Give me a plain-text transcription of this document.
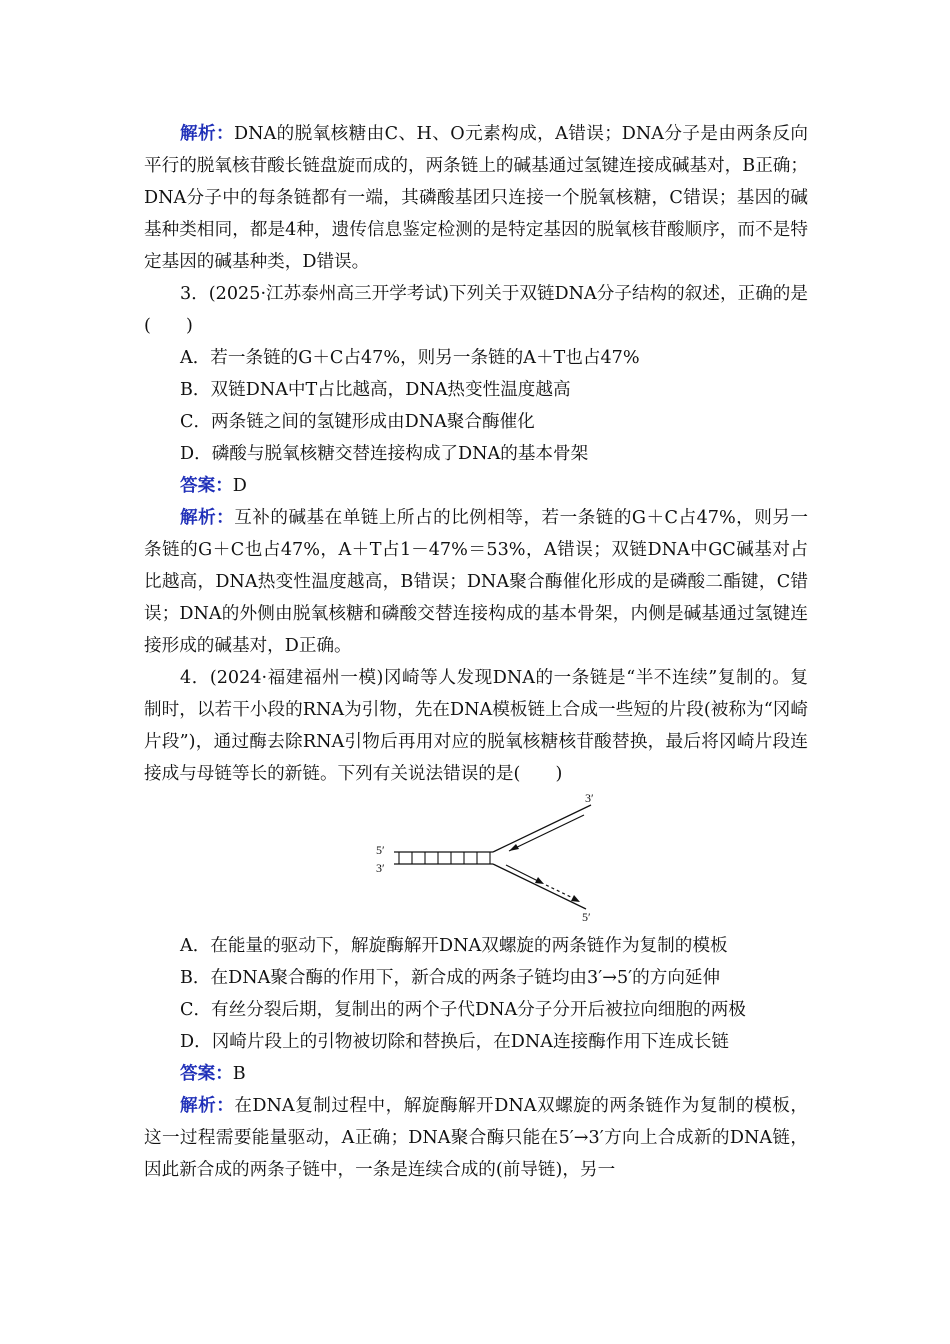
解析：DNA的脱氧核糖由C、H、O元素构成，A错误；DNA分子是由两条反向平行的脱氧核苷酸长链盘旋而成的，两条链上的碱基通过氢键连接成碱基对，B正确；DNA分子中的每条链都有一端，其磷酸基团只连接一个脱氧核糖，C错误；基因的碱基种类相同，都是4种，遗传信息鉴定检测的是特定基因的脱氧核苷酸顺序，而不是特定基因的碱基种类，D错误。

3．(2025·江苏泰州高三开学考试)下列关于双链DNA分子结构的叙述，正确的是(　　)

A．若一条链的G＋C占47%，则另一条链的A＋T也占47%

B．双链DNA中T占比越高，DNA热变性温度越高

C．两条链之间的氢键形成由DNA聚合酶催化

D．磷酸与脱氧核糖交替连接构成了DNA的基本骨架

答案：D

解析：互补的碱基在单链上所占的比例相等，若一条链的G＋C占47%，则另一条链的G＋C也占47%，A＋T占1－47%＝53%，A错误；双链DNA中GC碱基对占比越高，DNA热变性温度越高，B错误；DNA聚合酶催化形成的是磷酸二酯键，C错误；DNA的外侧由脱氧核糖和磷酸交替连接构成的基本骨架，内侧是碱基通过氢键连接形成的碱基对，D正确。

4．(2024·福建福州一模)冈崎等人发现DNA的一条链是“半不连续”复制的。复制时，以若干小段的RNA为引物，先在DNA模板链上合成一些短的片段(被称为“冈崎片段”)，通过酶去除RNA引物后再用对应的脱氧核糖核苷酸替换，最后将冈崎片段连接成与母链等长的新链。下列有关说法错误的是(　　)

5′
3′
3′
5′

A．在能量的驱动下，解旋酶解开DNA双螺旋的两条链作为复制的模板

B．在DNA聚合酶的作用下，新合成的两条子链均由3′→5′的方向延伸

C．有丝分裂后期，复制出的两个子代DNA分子分开后被拉向细胞的两极

D．冈崎片段上的引物被切除和替换后，在DNA连接酶作用下连成长链

答案：B

解析：在DNA复制过程中，解旋酶解开DNA双螺旋的两条链作为复制的模板，这一过程需要能量驱动，A正确；DNA聚合酶只能在5′→3′方向上合成新的DNA链，因此新合成的两条子链中，一条是连续合成的(前导链)，另一
